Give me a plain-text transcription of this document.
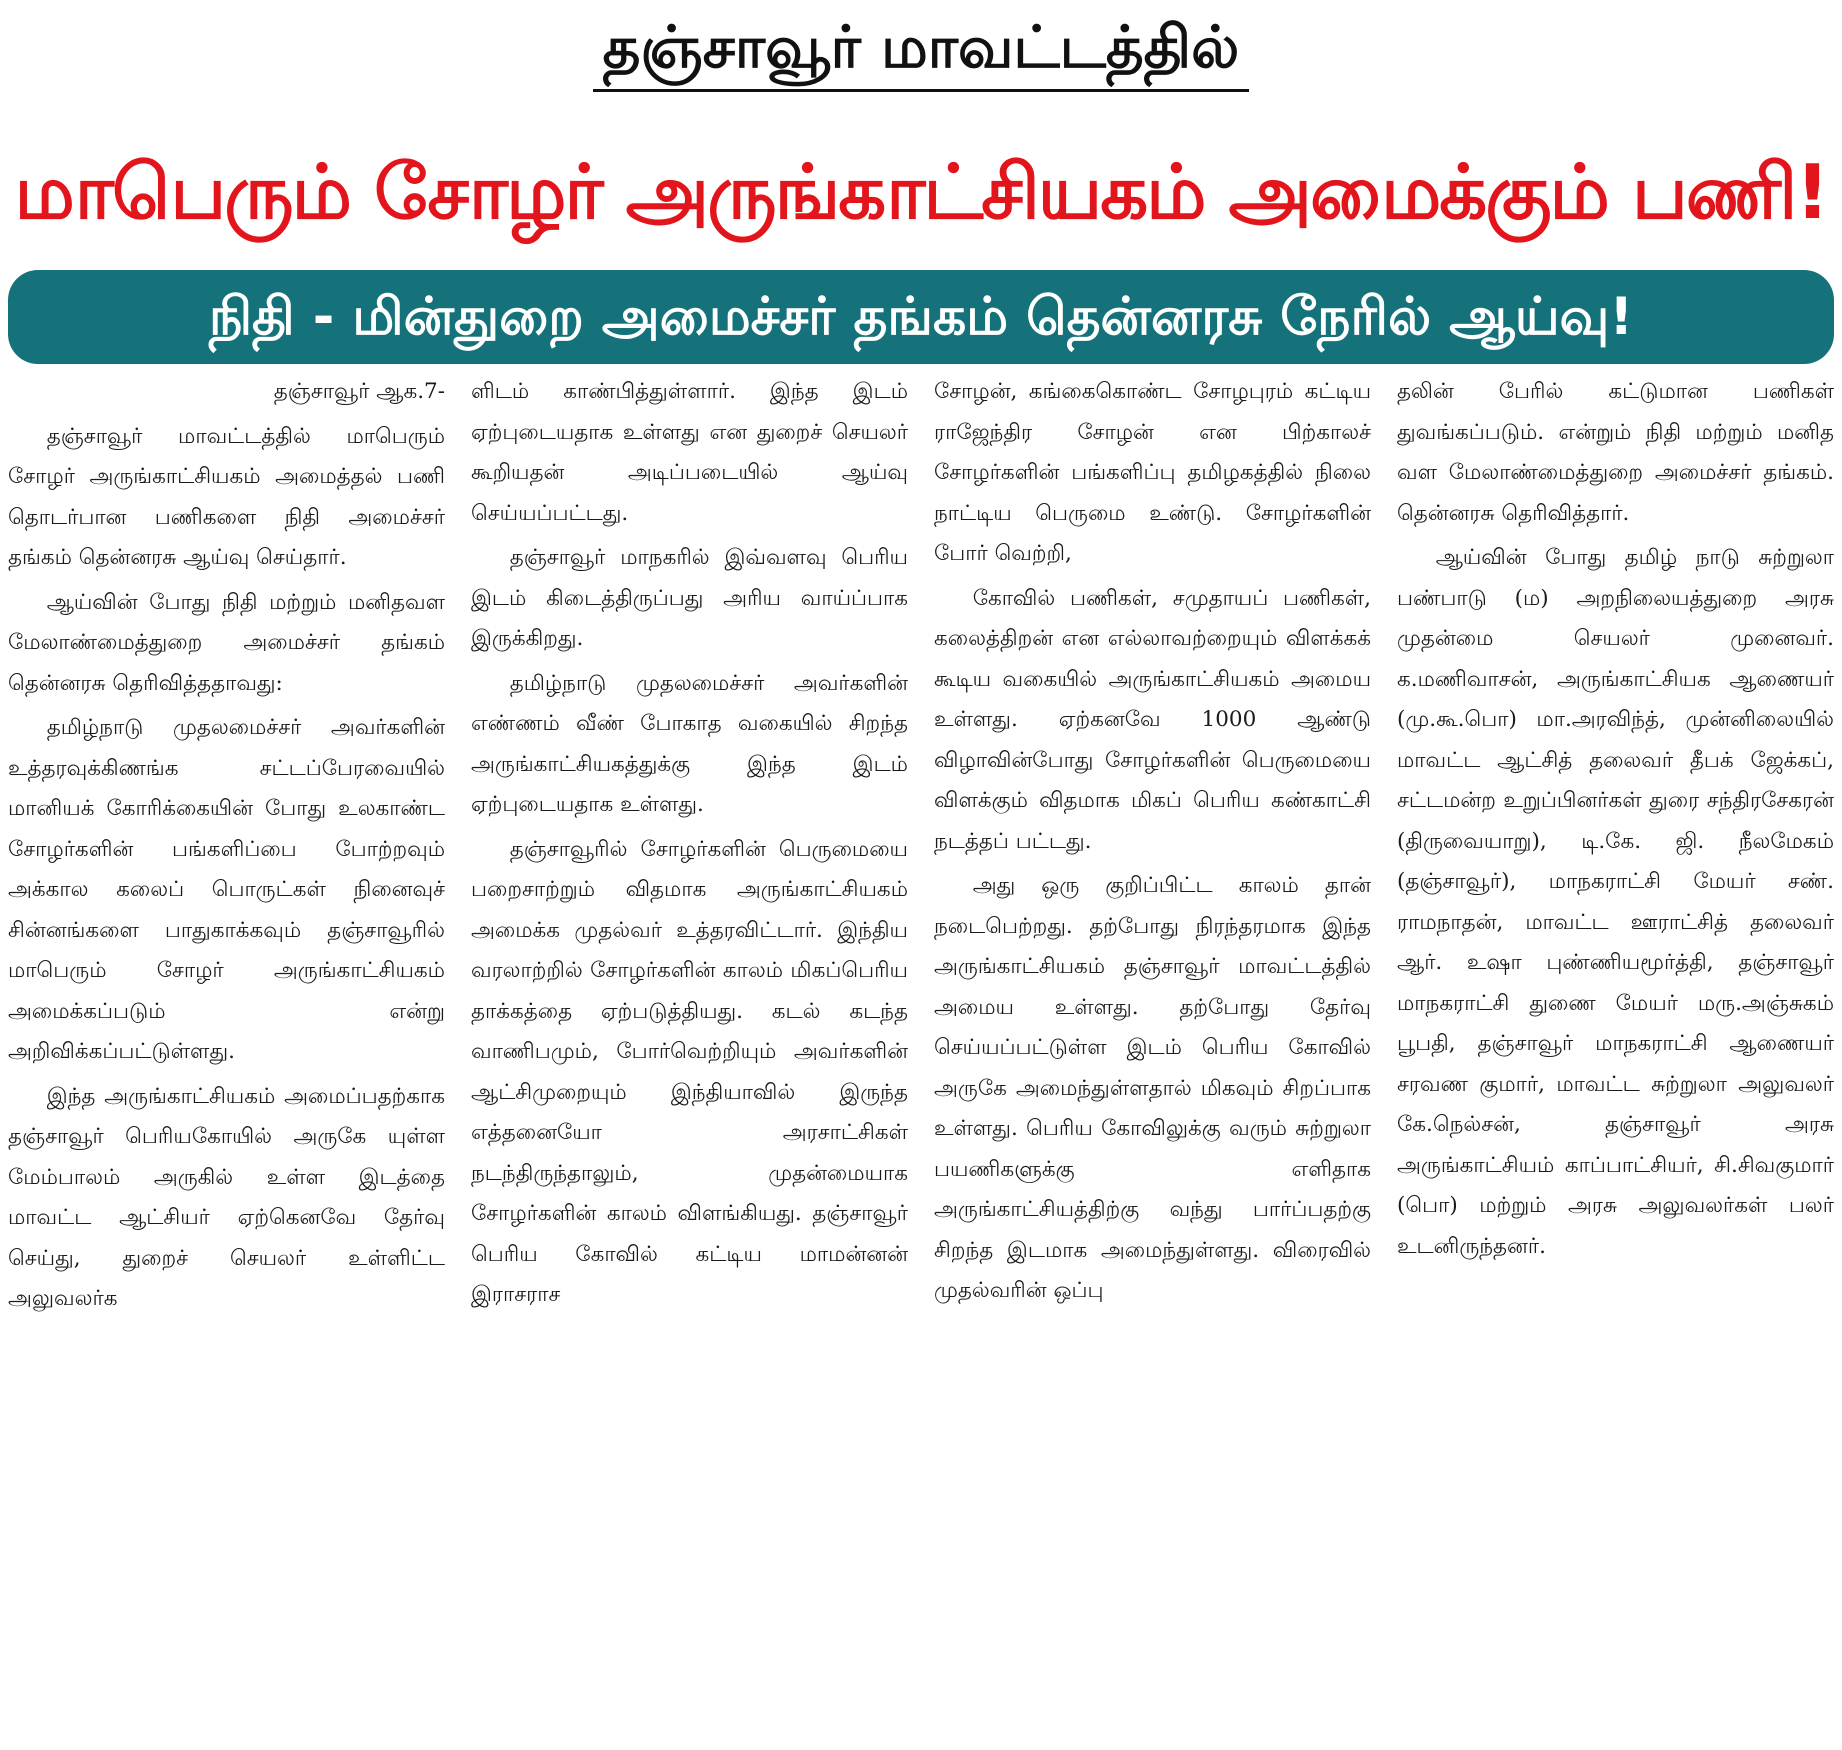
தஞ்சாவூர் மாவட்டத்தில்
மாபெரும் சோழர் அருங்காட்சியகம் அமைக்கும் பணி!
நிதி - மின்துறை அமைச்சர் தங்கம் தென்னரசு நேரில் ஆய்வு!

தஞ்சாவூர் ஆக.7-

தஞ்சாவூர் மாவட்டத்தில் மாபெரும் சோழர் அருங்காட்சியகம் அமைத்தல் பணி தொடர்பான பணிகளை நிதி அமைச்சர் தங்கம் தென்னரசு ஆய்வு செய்தார்.

ஆய்வின் போது நிதி மற்றும் மனிதவள மேலாண்மைத்துறை அமைச்சர் தங்கம் தென்னரசு தெரிவித்ததாவது:

தமிழ்நாடு முதலமைச்சர் அவர்களின் உத்தரவுக்கிணங்க சட்டப்பேரவையில் மானியக் கோரிக்கையின் போது உலகாண்ட சோழர்களின் பங்களிப்பை போற்றவும் அக்கால கலைப் பொருட்கள் நினைவுச் சின்னங்களை பாதுகாக்கவும் தஞ்சாவூரில் மாபெரும் சோழர் அருங்காட்சியகம் அமைக்கப்படும் என்று அறிவிக்கப்பட்டுள்ளது.

இந்த அருங்காட்சியகம் அமைப்பதற்காக தஞ்சாவூர் பெரியகோயில் அருகே யுள்ள மேம்பாலம் அருகில் உள்ள இடத்தை மாவட்ட ஆட்சியர் ஏற்கெனவே தேர்வு செய்து, துறைச் செயலர் உள்ளிட்ட அலுவலர்க

ளிடம் காண்பித்துள்ளார். இந்த இடம் ஏற்புடையதாக உள்ளது என துறைச் செயலர் கூறியதன் அடிப்படையில் ஆய்வு செய்யப்பட்டது.

தஞ்சாவூர் மாநகரில் இவ்வளவு பெரிய இடம் கிடைத்திருப்பது அரிய வாய்ப்பாக இருக்கிறது.

தமிழ்நாடு முதலமைச்சர் அவர்களின் எண்ணம் வீண் போகாத வகையில் சிறந்த அருங்காட்சியகத்துக்கு இந்த இடம் ஏற்புடையதாக உள்ளது.

தஞ்சாவூரில் சோழர்களின் பெருமையை பறைசாற்றும் விதமாக அருங்காட்சியகம் அமைக்க முதல்வர் உத்தரவிட்டார். இந்திய வரலாற்றில் சோழர்களின் காலம் மிகப்பெரிய தாக்கத்தை ஏற்படுத்தியது. கடல் கடந்த வாணிபமும், போர்வெற்றியும் அவர்களின் ஆட்சிமுறையும் இந்தியாவில் இருந்த எத்தனையோ அரசாட்சிகள் நடந்திருந்தாலும், முதன்மையாக சோழர்களின் காலம் விளங்கியது. தஞ்சாவூர் பெரிய கோவில் கட்டிய மாமன்னன் இராசராச

சோழன், கங்கைகொண்ட சோழபுரம் கட்டிய ராஜேந்திர சோழன் என பிற்காலச் சோழர்களின் பங்களிப்பு தமிழகத்தில் நிலை நாட்டிய பெருமை உண்டு. சோழர்களின் போர் வெற்றி,

கோவில் பணிகள், சமுதாயப் பணிகள், கலைத்திறன் என எல்லாவற்றையும் விளக்கக் கூடிய வகையில் அருங்காட்சியகம் அமைய உள்ளது. ஏற்கனவே 1000 ஆண்டு விழாவின்போது சோழர்களின் பெருமையை விளக்கும் விதமாக மிகப் பெரிய கண்காட்சி நடத்தப் பட்டது.

அது ஒரு குறிப்பிட்ட காலம் தான் நடைபெற்றது. தற்போது நிரந்தரமாக இந்த அருங்காட்சியகம் தஞ்சாவூர் மாவட்டத்தில் அமைய உள்ளது. தற்போது தேர்வு செய்யப்பட்டுள்ள இடம் பெரிய கோவில் அருகே அமைந்துள்ளதால் மிகவும் சிறப்பாக உள்ளது. பெரிய கோவிலுக்கு வரும் சுற்றுலா பயணிகளுக்கு எளிதாக அருங்காட்சியத்திற்கு வந்து பார்ப்பதற்கு சிறந்த இடமாக அமைந்துள்ளது. விரைவில் முதல்வரின் ஒப்பு

தலின் பேரில் கட்டுமான பணிகள் துவங்கப்படும். என்றும் நிதி மற்றும் மனித வள மேலாண்மைத்துறை அமைச்சர் தங்கம். தென்னரசு தெரிவித்தார்.

ஆய்வின் போது தமிழ் நாடு சுற்றுலா பண்பாடு (ம) அறநிலையத்துறை அரசு முதன்மை செயலர் முனைவர். க.மணிவாசன், அருங்காட்சியக ஆணையர் (மு.கூ.பொ) மா.அரவிந்த், முன்னிலையில் மாவட்ட ஆட்சித் தலைவர் தீபக் ஜேக்கப், சட்டமன்ற உறுப்பினர்கள் துரை சந்திரசேகரன் (திருவையாறு), டி.கே. ஜி. நீலமேகம் (தஞ்சாவூர்), மாநகராட்சி மேயர் சண். ராமநாதன், மாவட்ட ஊராட்சித் தலைவர் ஆர். உஷா புண்ணியமூர்த்தி, தஞ்சாவூர் மாநகராட்சி துணை மேயர் மரு.அஞ்சுகம் பூபதி, தஞ்சாவூர் மாநகராட்சி ஆணையர் சரவண குமார், மாவட்ட சுற்றுலா அலுவலர் கே.நெல்சன், தஞ்சாவூர் அரசு அருங்காட்சியம் காப்பாட்சியர், சி.சிவகுமார் (பொ) மற்றும் அரசு அலுவலர்கள் பலர் உடனிருந்தனர்.
